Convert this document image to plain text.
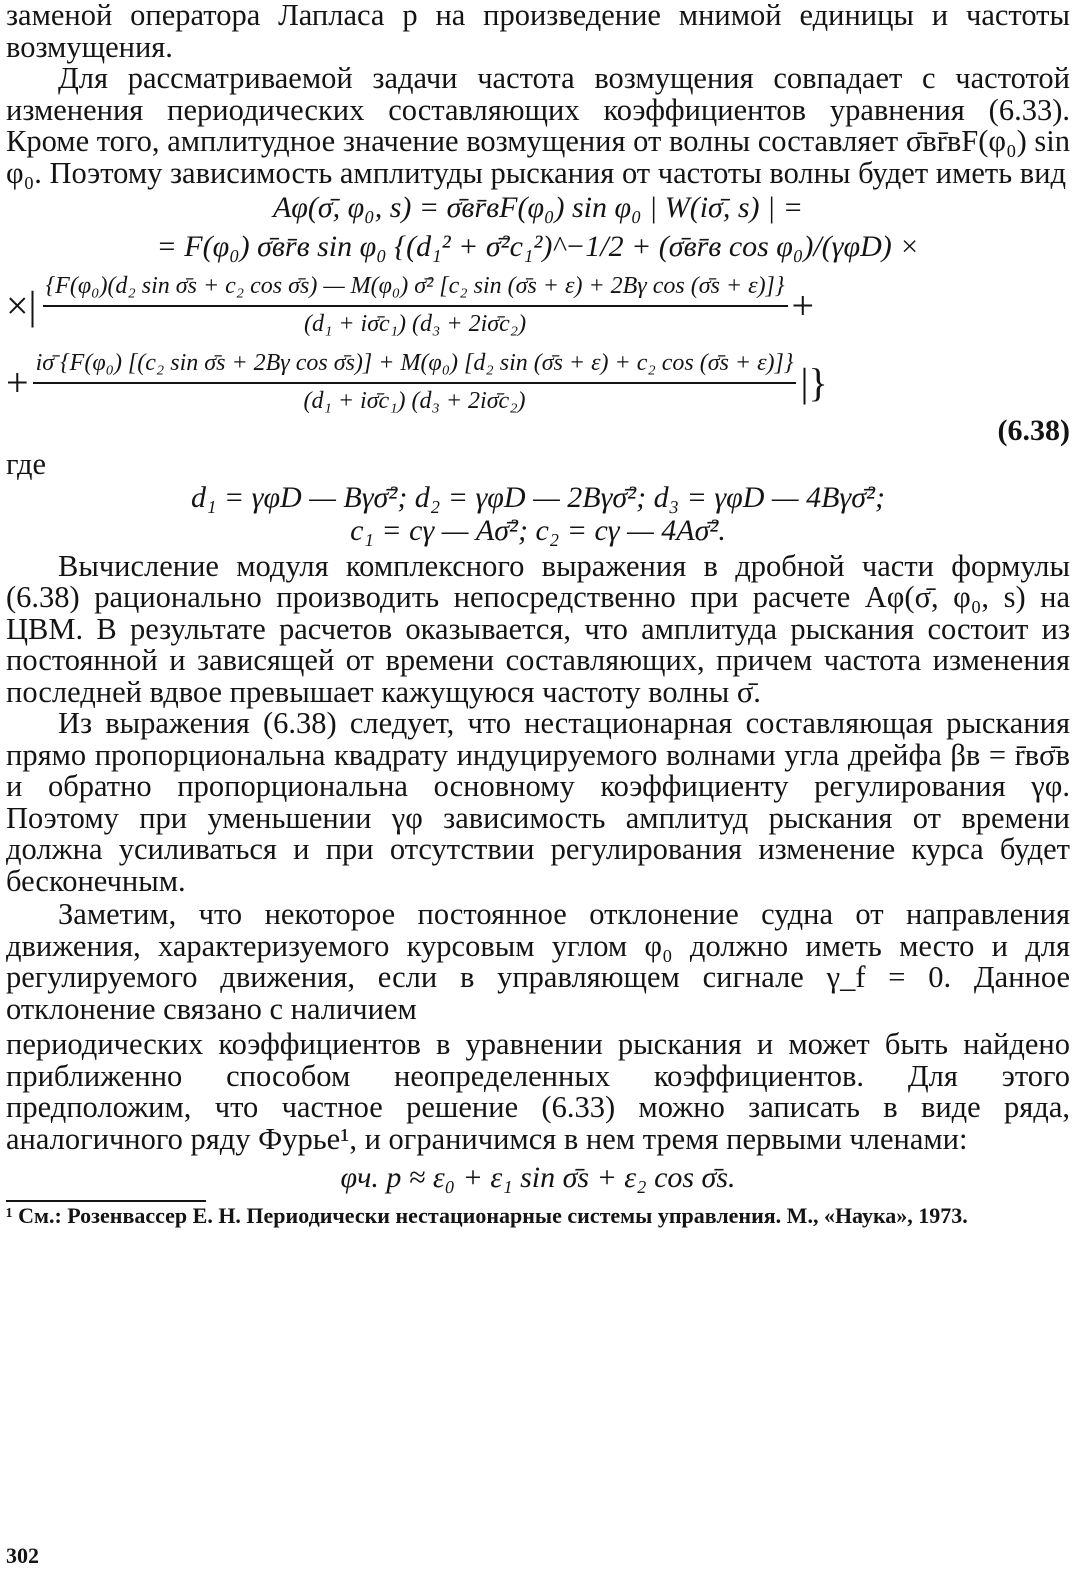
заменой оператора Лапласа p на произведение мнимой единицы и частоты возмущения.

Для рассматриваемой задачи частота возмущения совпадает с частотой изменения периодических составляющих коэффициентов уравнения (6.33). Кроме того, амплитудное значение возмущения от волны составляет σ̄вr̄вF(φ₀) sin φ₀. Поэтому зависимость амплитуды рыскания от частоты волны будет иметь вид

Aφ(σ̄, φ₀, s) = σ̄вr̄вF(φ₀) sin φ₀ | W(iσ̄, s) | =

= F(φ₀) σ̄вr̄в sin φ₀ {(d₁² + σ̄²c₁²)^−1/2 + (σ̄вr̄в cos φ₀)/(γφD) ×

×| {F(φ₀)(d₂ sin σ̄s + c₂ cos σ̄s) — M(φ₀) σ̄² [c₂ sin (σ̄s + ε) + 2Bγ cos (σ̄s + ε)]}
(d₁ + iσ̄c₁) (d₃ + 2iσ̄c₂)	+
+ iσ̄ {F(φ₀) [(c₂ sin σ̄s + 2Bγ cos σ̄s)] + M(φ₀) [d₂ sin (σ̄s + ε) + c₂ cos (σ̄s + ε)]}
(d₁ + iσ̄c₁) (d₃ + 2iσ̄c₂)	|}

(6.38)

где

d₁ = γφD — Bγσ̄²; d₂ = γφD — 2Bγσ̄²; d₃ = γφD — 4Bγσ̄²;

c₁ = cγ — Aσ̄²; c₂ = cγ — 4Aσ̄².

Вычисление модуля комплексного выражения в дробной части формулы (6.38) рационально производить непосредственно при расчете Aφ(σ̄, φ₀, s) на ЦВМ. В результате расчетов оказывается, что амплитуда рыскания состоит из постоянной и зависящей от времени составляющих, причем частота изменения последней вдвое превышает кажущуюся частоту волны σ̄.

Из выражения (6.38) следует, что нестационарная составляющая рыскания прямо пропорциональна квадрату индуцируемого волнами угла дрейфа βв = r̄вσ̄в и обратно пропорциональна основному коэффициенту регулирования γφ. Поэтому при уменьшении γφ зависимость амплитуд рыскания от времени должна усиливаться и при отсутствии регулирования изменение курса будет бесконечным.

Заметим, что некоторое постоянное отклонение судна от направления движения, характеризуемого курсовым углом φ₀ должно иметь место и для регулируемого движения, если в управляющем сигнале γ_f = 0. Данное отклонение связано с наличием

периодических коэффициентов в уравнении рыскания и может быть найдено приближенно способом неопределенных коэффициентов. Для этого предположим, что частное решение (6.33) можно записать в виде ряда, аналогичного ряду Фурье¹, и ограничимся в нем тремя первыми членами:

φч. р ≈ ε₀ + ε₁ sin σ̄s + ε₂ cos σ̄s.

¹ См.: Розенвассер Е. Н. Периодически нестационарные системы управления. М., «Наука», 1973.

302
